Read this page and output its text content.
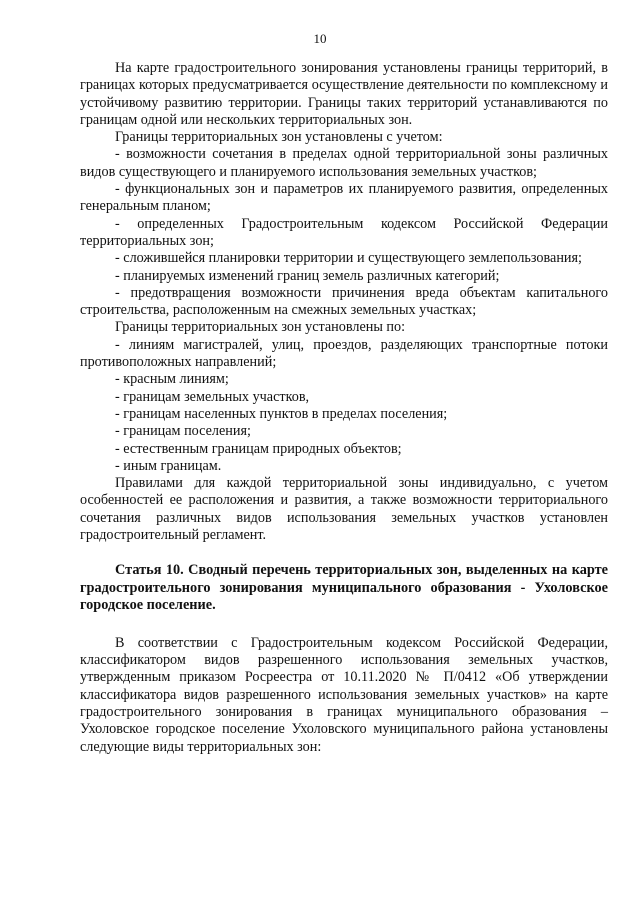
10

На карте градостроительного зонирования установлены границы территорий, в границах которых предусматривается осуществление деятельности по комплексному и устойчивому развитию территории. Границы таких территорий устанавливаются по границам одной или нескольких территориальных зон.

Границы территориальных зон установлены с учетом:

- возможности сочетания в пределах одной территориальной зоны различных видов существующего и планируемого использования земельных участков;

- функциональных зон и параметров их планируемого развития, определенных генеральным планом;

- определенных Градостроительным кодексом Российской Федерации территориальных зон;

- сложившейся планировки территории и существующего землепользования;

- планируемых изменений границ земель различных категорий;

- предотвращения возможности причинения вреда объектам капитального строительства, расположенным на смежных земельных участках;

Границы территориальных зон установлены по:

- линиям магистралей, улиц, проездов, разделяющих транспортные потоки противоположных направлений;

- красным линиям;

- границам земельных участков,

- границам населенных пунктов в пределах поселения;

- границам поселения;

- естественным границам природных объектов;

- иным границам.

Правилами для каждой территориальной зоны индивидуально, с учетом особенностей ее расположения и развития, а также возможности территориального сочетания различных видов использования земельных участков установлен градостроительный регламент.

Статья 10. Сводный перечень территориальных зон, выделенных на карте градостроительного зонирования муниципального образования - Ухоловское городское поселение.

В соответствии с Градостроительным кодексом Российской Федерации, классификатором видов разрешенного использования земельных участков, утвержденным приказом Росреестра от 10.11.2020 № П/0412 «Об утверждении классификатора видов разрешенного использования земельных участков» на карте градостроительного зонирования в границах муниципального образования – Ухоловское городское поселение Ухоловского муниципального района установлены следующие виды территориальных зон:
